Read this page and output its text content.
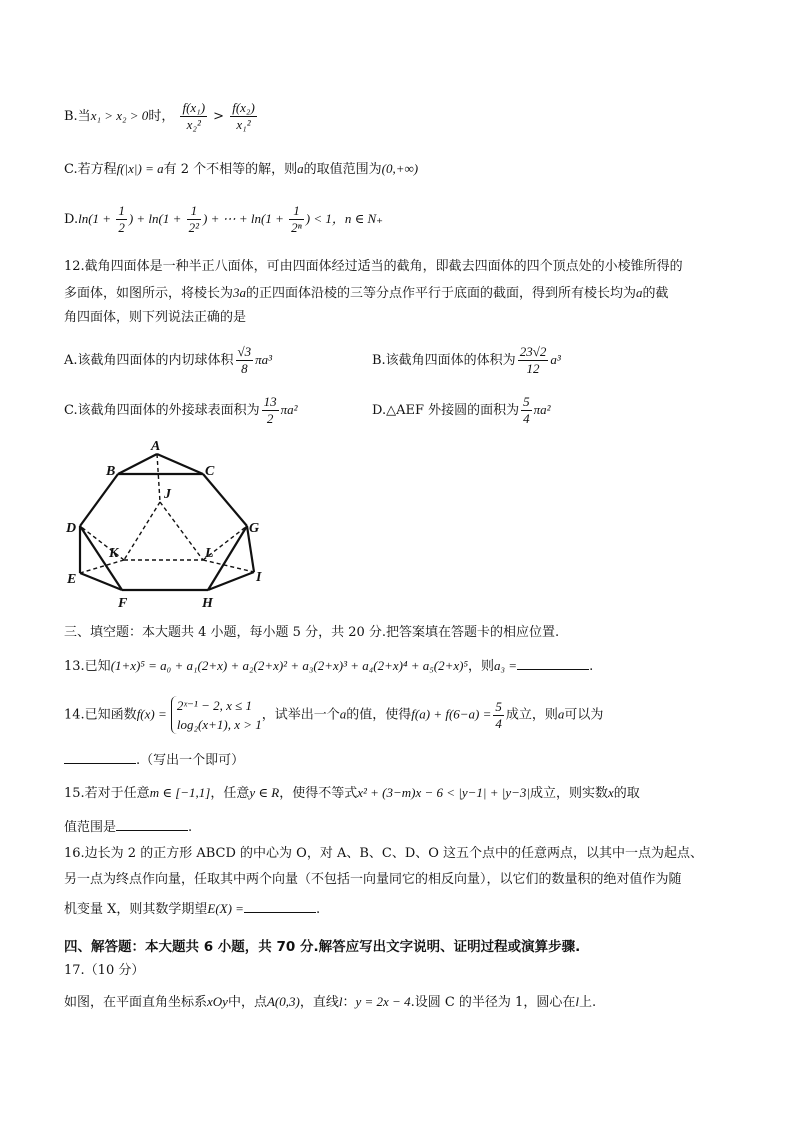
B.当x₁ > x₂ > 0时， $\frac{\text{f(x₁)}}{\text{x₂²}} > \frac{\text{f(x₂)}}{\text{x₁²}}$
C.若方程f(|x|) = a有 2 个不相等的解，则a的取值范围为(0,+∞)
$D.\ln(1 + \frac{1}{2}$ ) + $\ln(1 + \frac{1}{\text{2²}}$ ) + ⋯ + $\ln(1 + \frac{1}{\text{2ⁿ}}$ ) < 1，n ∈ N₊
12.截角四面体是一种半正八面体，可由四面体经过适当的截角，即截去四面体的四个顶点处的小棱锥所得的
多面体，如图所示，将棱长为3a的正四面体沿棱的三等分点作平行于底面的截面，得到所有棱长均为a的截
角四面体，则下列说法正确的是
A.该截角四面体的内切球体积 $\frac{√3}{8} \pi a^3$	B.该截角四面体的体积为 $\frac{23√2}{12} a^3$
C.该截角四面体的外接球表面积为 $\frac{13}{2} \pi a^2$	D.△AEF 外接圆的面积为 $\frac{5}{4} \pi a^2$
A
B	C
J
D	G
K	L
E	I
F	H
三、填空题：本大题共 4 小题，每小题 5 分，共 20 分.把答案填在答题卡的相应位置.
13.已知(1+x)⁵ = a₀ + a₁(2+x) + a₂(2+x)² + a₃(2+x)³ + a₄(2+x)⁴ + a₅(2+x)⁵，则a₃ =	.
14.已知函数f(x) =
2ˣ⁻¹ − 2, x ≤ 1
log₂(x+1), x > 1
，试举出一个a的值，使得$f(a) + f(6-a) = \frac{5}{4}$ 成立，则a可以为
.（写出一个即可）
15.若对于任意m ∈ [−1,1]，任意y ∈ R，使得不等式x² + (3−m)x − 6 < |y−1| + |y−3|成立，则实数x的取
值范围是	.
16.边长为 2 的正方形 ABCD 的中心为 O，对 A、B、C、D、O 这五个点中的任意两点，以其中一点为起点、
另一点为终点作向量，任取其中两个向量（不包括一向量同它的相反向量），以它们的数量积的绝对值作为随
机变量 X，则其数学期望E(X) =	.
四、解答题：本大题共 6 小题，共 70 分.解答应写出文字说明、证明过程或演算步骤.
17.（10 分）
如图，在平面直角坐标系xOy中，点A(0,3)，直线l：y = 2x − 4.设圆 C 的半径为 1，圆心在l上.
